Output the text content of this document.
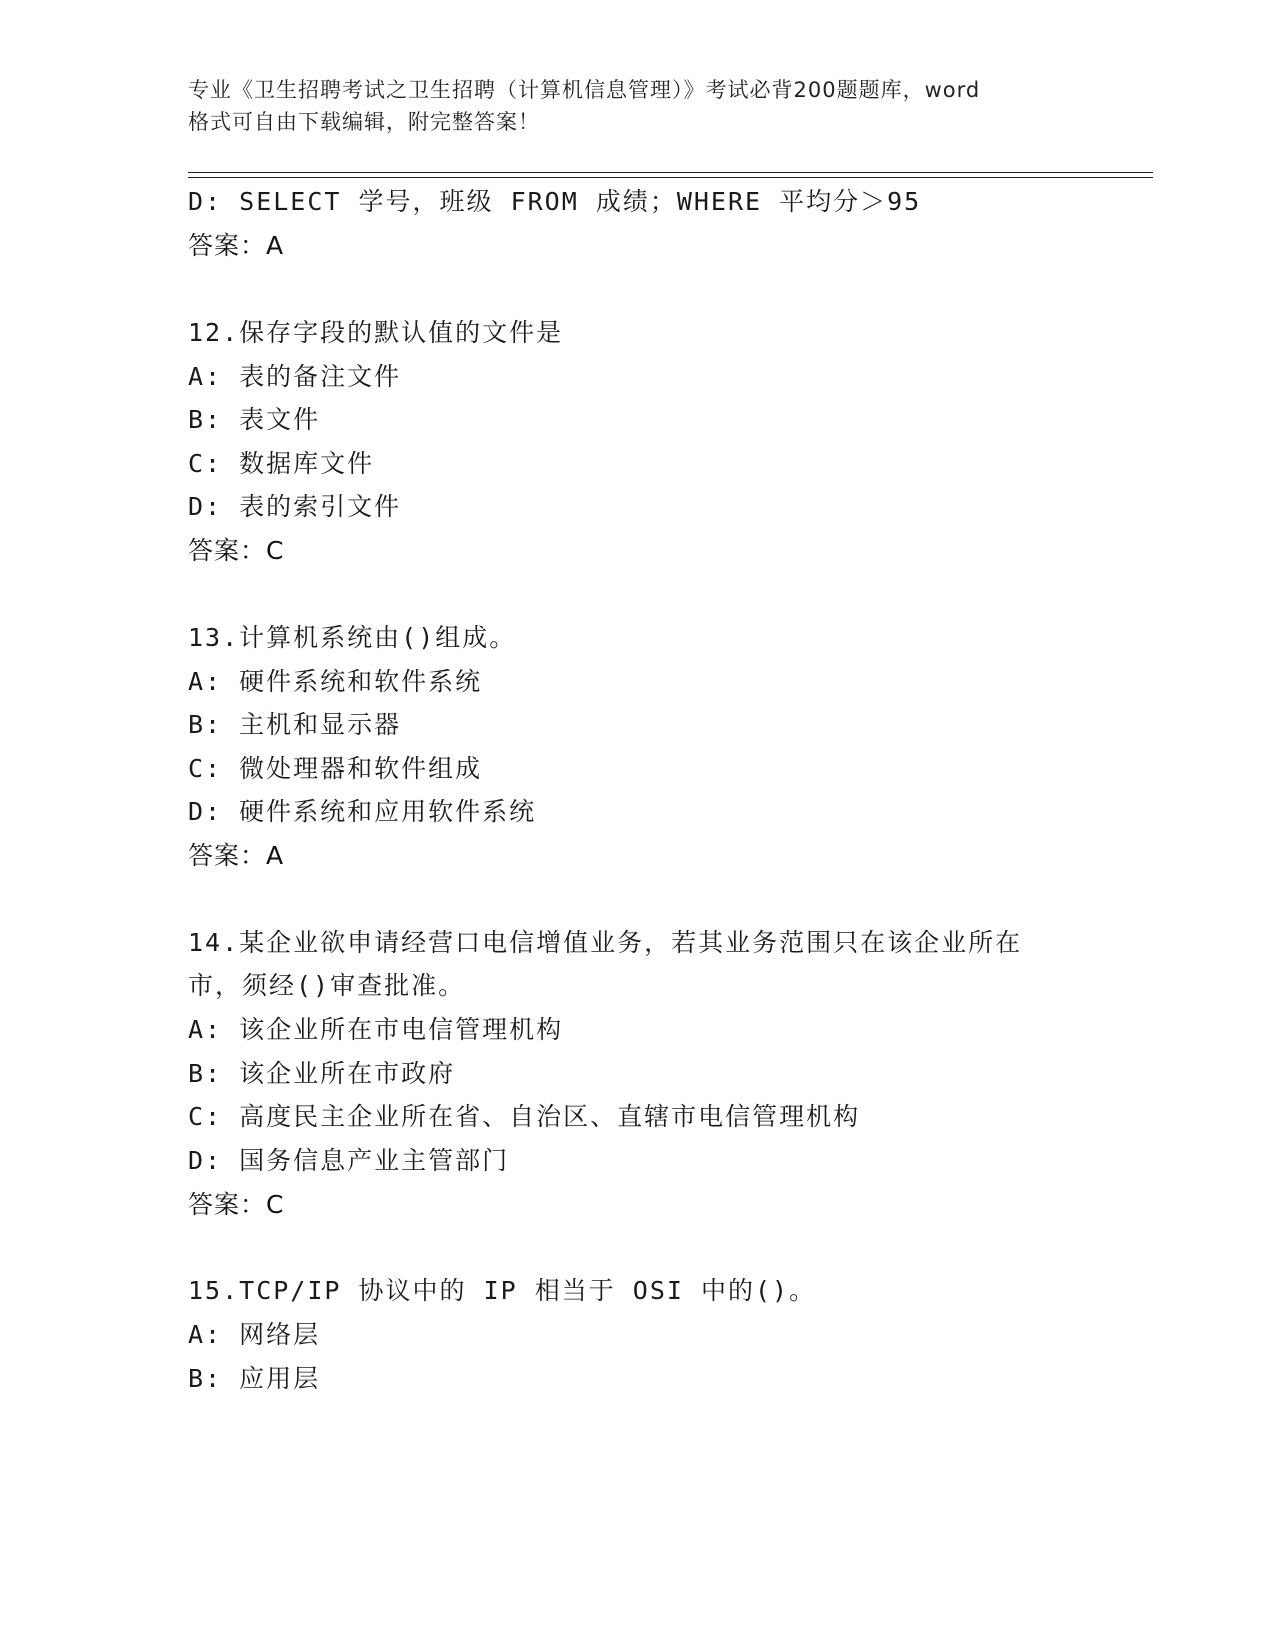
专业《卫生招聘考试之卫生招聘（计算机信息管理）》考试必背200题题库，word
格式可自由下载编辑，附完整答案！
D: SELECT 学号，班级 FROM 成绩；WHERE 平均分＞95
答案：A
12.保存字段的默认值的文件是
A: 表的备注文件
B: 表文件
C: 数据库文件
D: 表的索引文件
答案：C
13.计算机系统由()组成。
A: 硬件系统和软件系统
B: 主机和显示器
C: 微处理器和软件组成
D: 硬件系统和应用软件系统
答案：A
14.某企业欲申请经营口电信增值业务，若其业务范围只在该企业所在
市，须经()审查批准。
A: 该企业所在市电信管理机构
B: 该企业所在市政府
C: 高度民主企业所在省、自治区、直辖市电信管理机构
D: 国务信息产业主管部门
答案：C
15.TCP/IP 协议中的 IP 相当于 OSI 中的()。
A: 网络层
B: 应用层
